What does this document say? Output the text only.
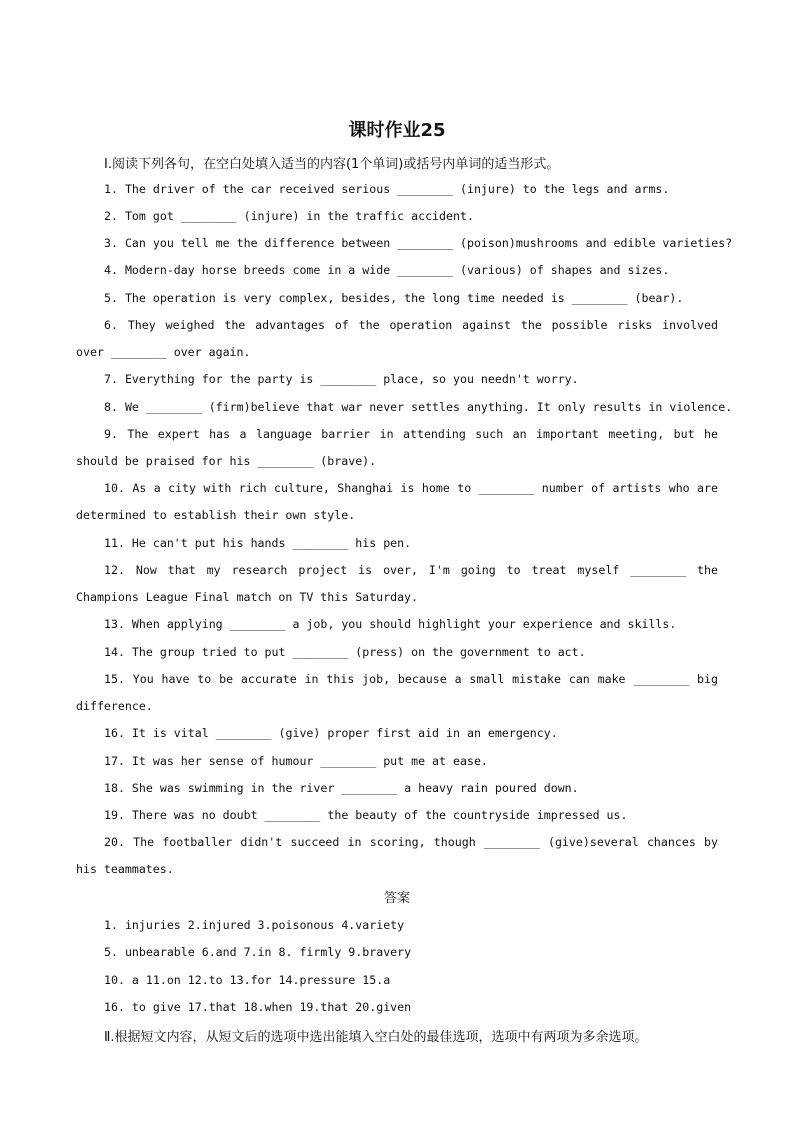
课时作业25
Ⅰ.阅读下列各句，在空白处填入适当的内容(1个单词)或括号内单词的适当形式。
1. The driver of the car received serious ________ (injure) to the legs and arms.
2. Tom got ________ (injure) in the traffic accident.
3. Can you tell me the difference between ________ (poison)mushrooms and edible varieties?
4. Modern-day horse breeds come in a wide ________ (various) of shapes and sizes.
5. The operation is very complex, besides, the long time needed is ________ (bear).
6. They weighed the advantages of the operation against the possible risks involved over ________ over again.
7. Everything for the party is ________ place, so you needn't worry.
8. We ________ (firm)believe that war never settles anything. It only results in violence.
9. The expert has a language barrier in attending such an important meeting, but he should be praised for his ________ (brave).
10. As a city with rich culture, Shanghai is home to ________ number of artists who are determined to establish their own style.
11. He can't put his hands ________ his pen.
12. Now that my research project is over, I'm going to treat myself ________ the Champions League Final match on TV this Saturday.
13. When applying ________ a job, you should highlight your experience and skills.
14. The group tried to put ________ (press) on the government to act.
15. You have to be accurate in this job, because a small mistake can make ________ big difference.
16. It is vital ________ (give) proper first aid in an emergency.
17. It was her sense of humour ________ put me at ease.
18. She was swimming in the river ________ a heavy rain poured down.
19. There was no doubt ________ the beauty of the countryside impressed us.
20. The footballer didn't succeed in scoring, though ________ (give)several chances by his teammates.
答案
1. injuries 2.injured 3.poisonous 4.variety
5. unbearable 6.and 7.in 8. firmly 9.bravery
10. a 11.on 12.to 13.for 14.pressure 15.a
16. to give 17.that 18.when 19.that 20.given
Ⅱ.根据短文内容，从短文后的选项中选出能填入空白处的最佳选项，选项中有两项为多余选项。
